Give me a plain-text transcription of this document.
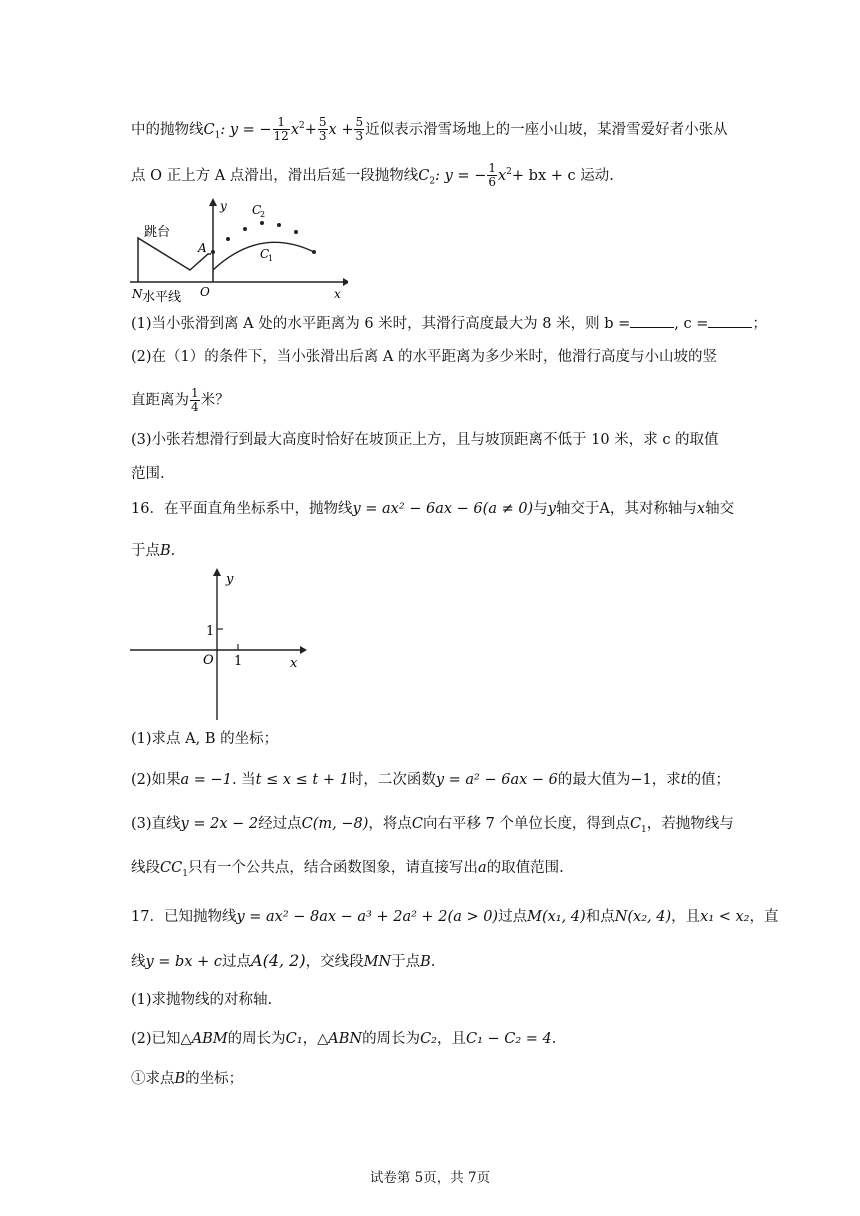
中的抛物线$C_1$: y = − $\frac{1}{12} x^2+ \frac{5}{3}$ $x + \frac{5}{3}$ 近似表示滑雪场地上的一座小山坡，某滑雪爱好者小张从
点 O 正上方 A 点滑出，滑出后延一段抛物线$C_2$: y = − $\frac{1}{6} x^2+$ bx + c 运动.
跳台
y C
2
A	C
1
N 水平线 O	x
(1)当小张滑到离 A 处的水平距离为 6 米时，其滑行高度最大为 8 米，则 b =	, c =	；
(2)在（1）的条件下，当小张滑出后离 A 的水平距离为多少米时，他滑行高度与小山坡的竖
直距离为 $\frac{1}{4}$ 米？
(3)小张若想滑行到最大高度时恰好在坡顶正上方，且与坡顶距离不低于 10 米，求 c 的取值
范围.
16．在平面直角坐标系中，抛物线y = ax² − 6ax − 6(a ≠ 0)与y轴交于A，其对称轴与x轴交
于点B.
y
1
O 1	x
(1)求点 A, B 的坐标；
(2)如果a = −1. 当t ≤ x ≤ t + 1时，二次函数y = a² − 6ax − 6的最大值为−1，求t的值；
(3)直线y = 2x − 2经过点C(m, −8)，将点C向右平移 7 个单位长度，得到点$C_1$，若抛物线与
线段$CC_1$只有一个公共点，结合函数图象，请直接写出a的取值范围.
17．已知抛物线y = ax² − 8ax − a³ + 2a² + 2(a > 0)过点M(x₁, 4)和点N(x₂, 4)，且x₁ < x₂，直
线y = bx + c过点A(4, 2)，交线段MN于点B.
(1)求抛物线的对称轴.
(2)已知△ABM的周长为C₁，△ABN的周长为C₂，且C₁ − C₂ = 4.
①求点B的坐标；
试卷第 5页，共 7页
